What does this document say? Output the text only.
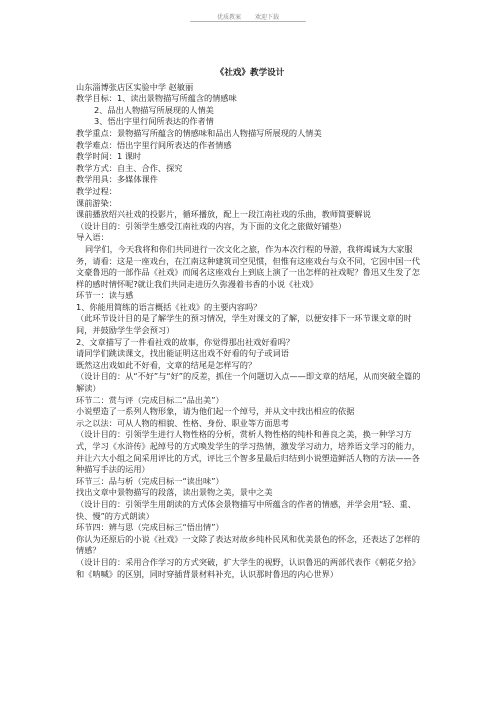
优质教案 欢迎下载
《社戏》教学设计
山东淄博张店区实验中学 赵敏丽
教学目标：1、读出景物描写所蕴含的情感味
2、品出人物描写所展现的人情美
3、悟出字里行间所表达的作者情
教学重点：景物描写所蕴含的情感味和品出人物描写所展现的人情美
教学难点：悟出字里行间所表达的作者情感
教学时间：1 课时
教学方式：自主、合作、探究
教学用具：多媒体课件
教学过程：
课前游染：
课前播放绍兴社戏的投影片，循环播放，配上一段江南社戏的乐曲，教师简要解说
（设计目的：引领学生感受江南社戏的内容，为下面的文化之旅做好铺垫）
导入语：
同学们，今天我将和你们共同进行一次文化之旅，作为本次行程的导游，我将竭诚为大家服务，请看：这是一座戏台，在江南这种建筑司空见惯，但惟有这座戏台与众不同，它因中国一代文豪鲁迅的一部作品《社戏》而闻名这座戏台上到底上演了一出怎样的社戏呢？鲁迅又生发了怎样的感时情怀呢?就让我们共同走进历久弥漫着书香的小说《社戏》
环节一：读与感
1、你能用简练的语言概括《社戏》的主要内容吗？
（此环节设计目的是了解学生的预习情况，学生对课文的了解，以便安排下一环节课文章的时间，并鼓励学生学会预习）
2、文章描写了一件看社戏的故事，你觉得那出社戏好看吗？
请同学们跳读课文，找出能证明这出戏不好看的句子或词语
既然这出戏如此不好看，文章的结尾是怎样写的？
（设计目的：从“不好”与“好”的反差，抓住一个问题切入点——即文章的结尾，从而突破全篇的解读）
环节二：赏与评（完成目标二“品出美”）
小说塑造了一系列人物形象，请为他们起一个绰号，并从文中找出相应的依据
示之以法：可从人物的相貌、性格、身份、职业等方面思考
（设计目的：引领学生进行人物性格的分析，赏析人物性格的纯朴和善良之美，换一种学习方式，学习《水浒传》起绰号的方式唤发学生的学习热情，激发学习动力，培养语文学习的能力，并让六大小组之间采用评比的方式，评比三个智多星最后归结到小说塑造鲜活人物的方法——各种描写手法的运用）
环节三：品与析（完成目标一“读出味”）
找出文章中景物描写的段落，读出景物之美，景中之美
（设计目的：引领学生用朗读的方式体会景物描写中所蕴含的作者的情感，并学会用“轻、重、快、慢”的方式朗读）
环节四：辨与思（完成目标三“悟出情”）
你认为还原后的小说《社戏》一文除了表达对故乡纯朴民风和优美景色的怀念，还表达了怎样的情感？
（设计目的：采用合作学习的方式突破，扩大学生的视野，认识鲁迅的两部代表作《朝花夕拾》和《呐喊》的区别，同时穿插背景材料补充，认识那时鲁迅的内心世界）
